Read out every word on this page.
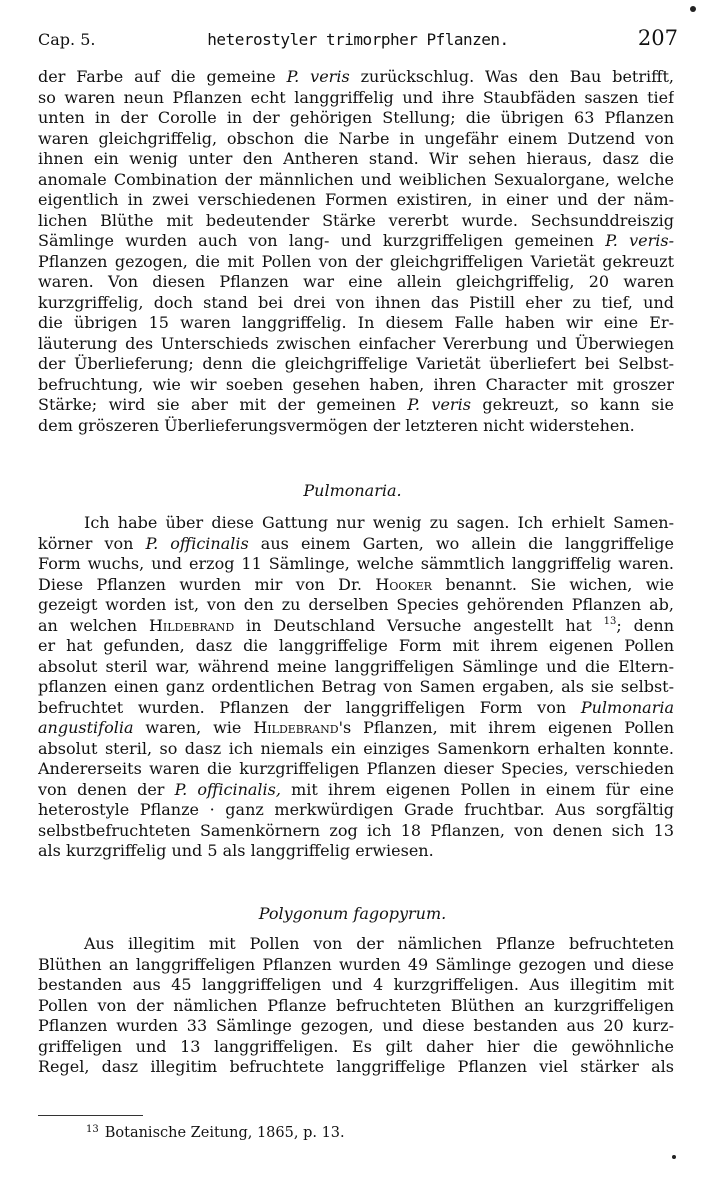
Cap. 5.	heterostyler trimorpher Pflanzen.	207
der Farbe auf die gemeine P. veris zurückschlug. Was den Bau betrifft,
so waren neun Pflanzen echt langgriffelig und ihre Staubfäden saszen tief
unten in der Corolle in der gehörigen Stellung; die übrigen 63 Pflanzen
waren gleichgriffelig, obschon die Narbe in ungefähr einem Dutzend von
ihnen ein wenig unter den Antheren stand. Wir sehen hieraus, dasz die
anomale Combination der männlichen und weiblichen Sexualorgane, welche
eigentlich in zwei verschiedenen Formen existiren, in einer und der näm-
lichen Blüthe mit bedeutender Stärke vererbt wurde. Sechsunddreiszig
Sämlinge wurden auch von lang- und kurzgriffeligen gemeinen P. veris-
Pflanzen gezogen, die mit Pollen von der gleichgriffeligen Varietät gekreuzt
waren. Von diesen Pflanzen war eine allein gleichgriffelig, 20 waren
kurzgriffelig, doch stand bei drei von ihnen das Pistill eher zu tief, und
die übrigen 15 waren langgriffelig. In diesem Falle haben wir eine Er-
läuterung des Unterschieds zwischen einfacher Vererbung und Überwiegen
der Überlieferung; denn die gleichgriffelige Varietät überliefert bei Selbst-
befruchtung, wie wir soeben gesehen haben, ihren Character mit groszer
Stärke; wird sie aber mit der gemeinen P. veris gekreuzt, so kann sie
dem gröszeren Überlieferungsvermögen der letzteren nicht widerstehen.
Pulmonaria.
Ich habe über diese Gattung nur wenig zu sagen. Ich erhielt Samen-
körner von P. officinalis aus einem Garten, wo allein die langgriffelige
Form wuchs, und erzog 11 Sämlinge, welche sämmtlich langgriffelig waren.
Diese Pflanzen wurden mir von Dr. Hooker benannt. Sie wichen, wie
gezeigt worden ist, von den zu derselben Species gehörenden Pflanzen ab,
an welchen Hildebrand in Deutschland Versuche angestellt hat $^{13}$; denn
er hat gefunden, dasz die langgriffelige Form mit ihrem eigenen Pollen
absolut steril war, während meine langgriffeligen Sämlinge und die Eltern-
pflanzen einen ganz ordentlichen Betrag von Samen ergaben, als sie selbst-
befruchtet wurden. Pflanzen der langgriffeligen Form von Pulmonaria
angustifolia waren, wie Hildebrand's Pflanzen, mit ihrem eigenen Pollen
absolut steril, so dasz ich niemals ein einziges Samenkorn erhalten konnte.
Andererseits waren die kurzgriffeligen Pflanzen dieser Species, verschieden
von denen der P. officinalis, mit ihrem eigenen Pollen in einem für eine
heterostyle Pflanze · ganz merkwürdigen Grade fruchtbar. Aus sorgfältig
selbstbefruchteten Samenkörnern zog ich 18 Pflanzen, von denen sich 13
als kurzgriffelig und 5 als langgriffelig erwiesen.
Polygonum fagopyrum.
Aus illegitim mit Pollen von der nämlichen Pflanze befruchteten
Blüthen an langgriffeligen Pflanzen wurden 49 Sämlinge gezogen und diese
bestanden aus 45 langgriffeligen und 4 kurzgriffeligen. Aus illegitim mit
Pollen von der nämlichen Pflanze befruchteten Blüthen an kurzgriffeligen
Pflanzen wurden 33 Sämlinge gezogen, und diese bestanden aus 20 kurz-
griffeligen und 13 langgriffeligen. Es gilt daher hier die gewöhnliche
Regel, dasz illegitim befruchtete langgriffelige Pflanzen viel stärker als
$^{13}$ Botanische Zeitung, 1865, p. 13.
